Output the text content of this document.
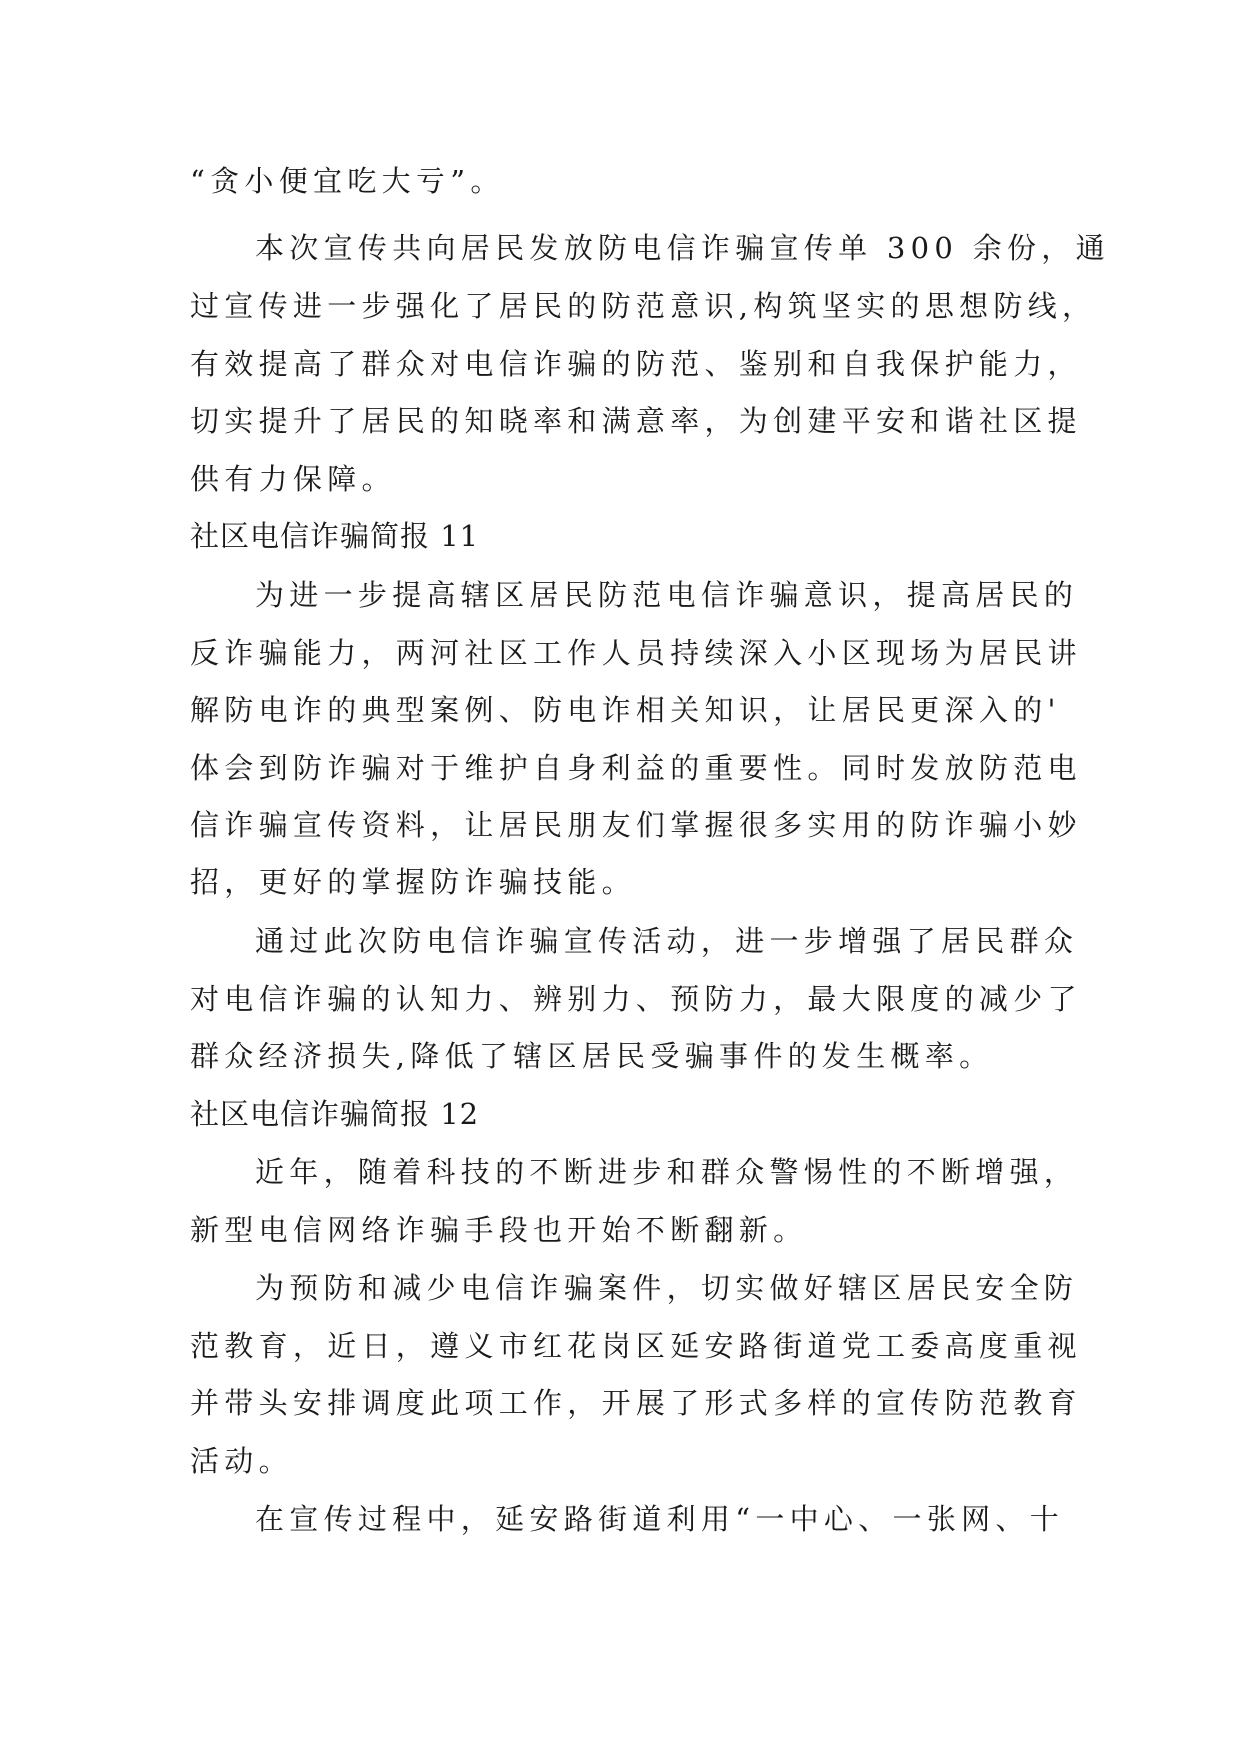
“贪小便宜吃大亏”。
本次宣传共向居民发放防电信诈骗宣传单 300 余份，通
过宣传进一步强化了居民的防范意识,构筑坚实的思想防线，
有效提高了群众对电信诈骗的防范、鉴别和自我保护能力，
切实提升了居民的知晓率和满意率，为创建平安和谐社区提
供有力保障。
社区电信诈骗简报 11
为进一步提高辖区居民防范电信诈骗意识，提高居民的
反诈骗能力，两河社区工作人员持续深入小区现场为居民讲
解防电诈的典型案例、防电诈相关知识，让居民更深入的'
体会到防诈骗对于维护自身利益的重要性。同时发放防范电
信诈骗宣传资料，让居民朋友们掌握很多实用的防诈骗小妙
招，更好的掌握防诈骗技能。
通过此次防电信诈骗宣传活动，进一步增强了居民群众
对电信诈骗的认知力、辨别力、预防力，最大限度的减少了
群众经济损失,降低了辖区居民受骗事件的发生概率。
社区电信诈骗简报 12
近年，随着科技的不断进步和群众警惕性的不断增强，
新型电信网络诈骗手段也开始不断翻新。
为预防和减少电信诈骗案件，切实做好辖区居民安全防
范教育，近日，遵义市红花岗区延安路街道党工委高度重视
并带头安排调度此项工作，开展了形式多样的宣传防范教育
活动。
在宣传过程中，延安路街道利用“一中心、一张网、十
